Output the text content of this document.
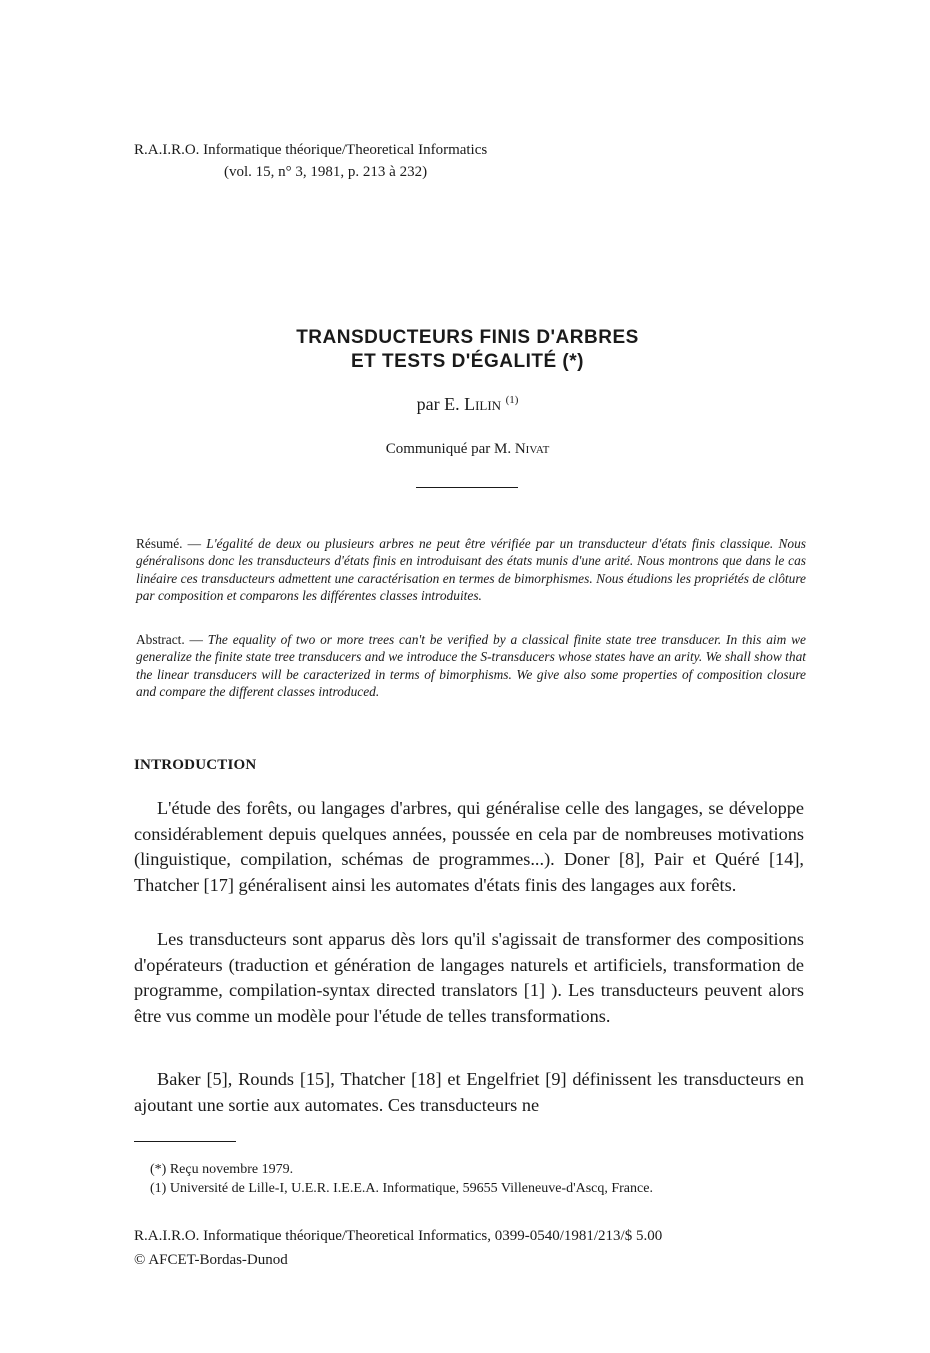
R.A.I.R.O. Informatique théorique/Theoretical Informatics
(vol. 15, n° 3, 1981, p. 213 à 232)
TRANSDUCTEURS FINIS D'ARBRES
ET TESTS D'ÉGALITÉ (*)
par E. Lilin $^{(1)}$
Communiqué par M. Nivat
Résumé. — L'égalité de deux ou plusieurs arbres ne peut être vérifiée par un transducteur d'états finis classique. Nous généralisons donc les transducteurs d'états finis en introduisant des états munis d'une arité. Nous montrons que dans le cas linéaire ces transducteurs admettent une caractérisation en termes de bimorphismes. Nous étudions les propriétés de clôture par composition et comparons les différentes classes introduites.
Abstract. — The equality of two or more trees can't be verified by a classical finite state tree transducer. In this aim we generalize the finite state tree transducers and we introduce the S-transducers whose states have an arity. We shall show that the linear transducers will be caracterized in terms of bimorphisms. We give also some properties of composition closure and compare the different classes introduced.
INTRODUCTION

L'étude des forêts, ou langages d'arbres, qui généralise celle des langages, se développe considérablement depuis quelques années, poussée en cela par de nombreuses motivations (linguistique, compilation, schémas de programmes...). Doner [8], Pair et Quéré [14], Thatcher [17] généralisent ainsi les automates d'états finis des langages aux forêts.

Les transducteurs sont apparus dès lors qu'il s'agissait de transformer des compositions d'opérateurs (traduction et génération de langages naturels et artificiels, transformation de programme, compilation-syntax directed translators [1] ). Les transducteurs peuvent alors être vus comme un modèle pour l'étude de telles transformations.

Baker [5], Rounds [15], Thatcher [18] et Engelfriet [9] définissent les transducteurs en ajoutant une sortie aux automates. Ces transducteurs ne

(*) Reçu novembre 1979.
(1) Université de Lille-I, U.E.R. I.E.E.A. Informatique, 59655 Villeneuve-d'Ascq, France.
R.A.I.R.O. Informatique théorique/Theoretical Informatics, 0399-0540/1981/213/$ 5.00
© AFCET-Bordas-Dunod
